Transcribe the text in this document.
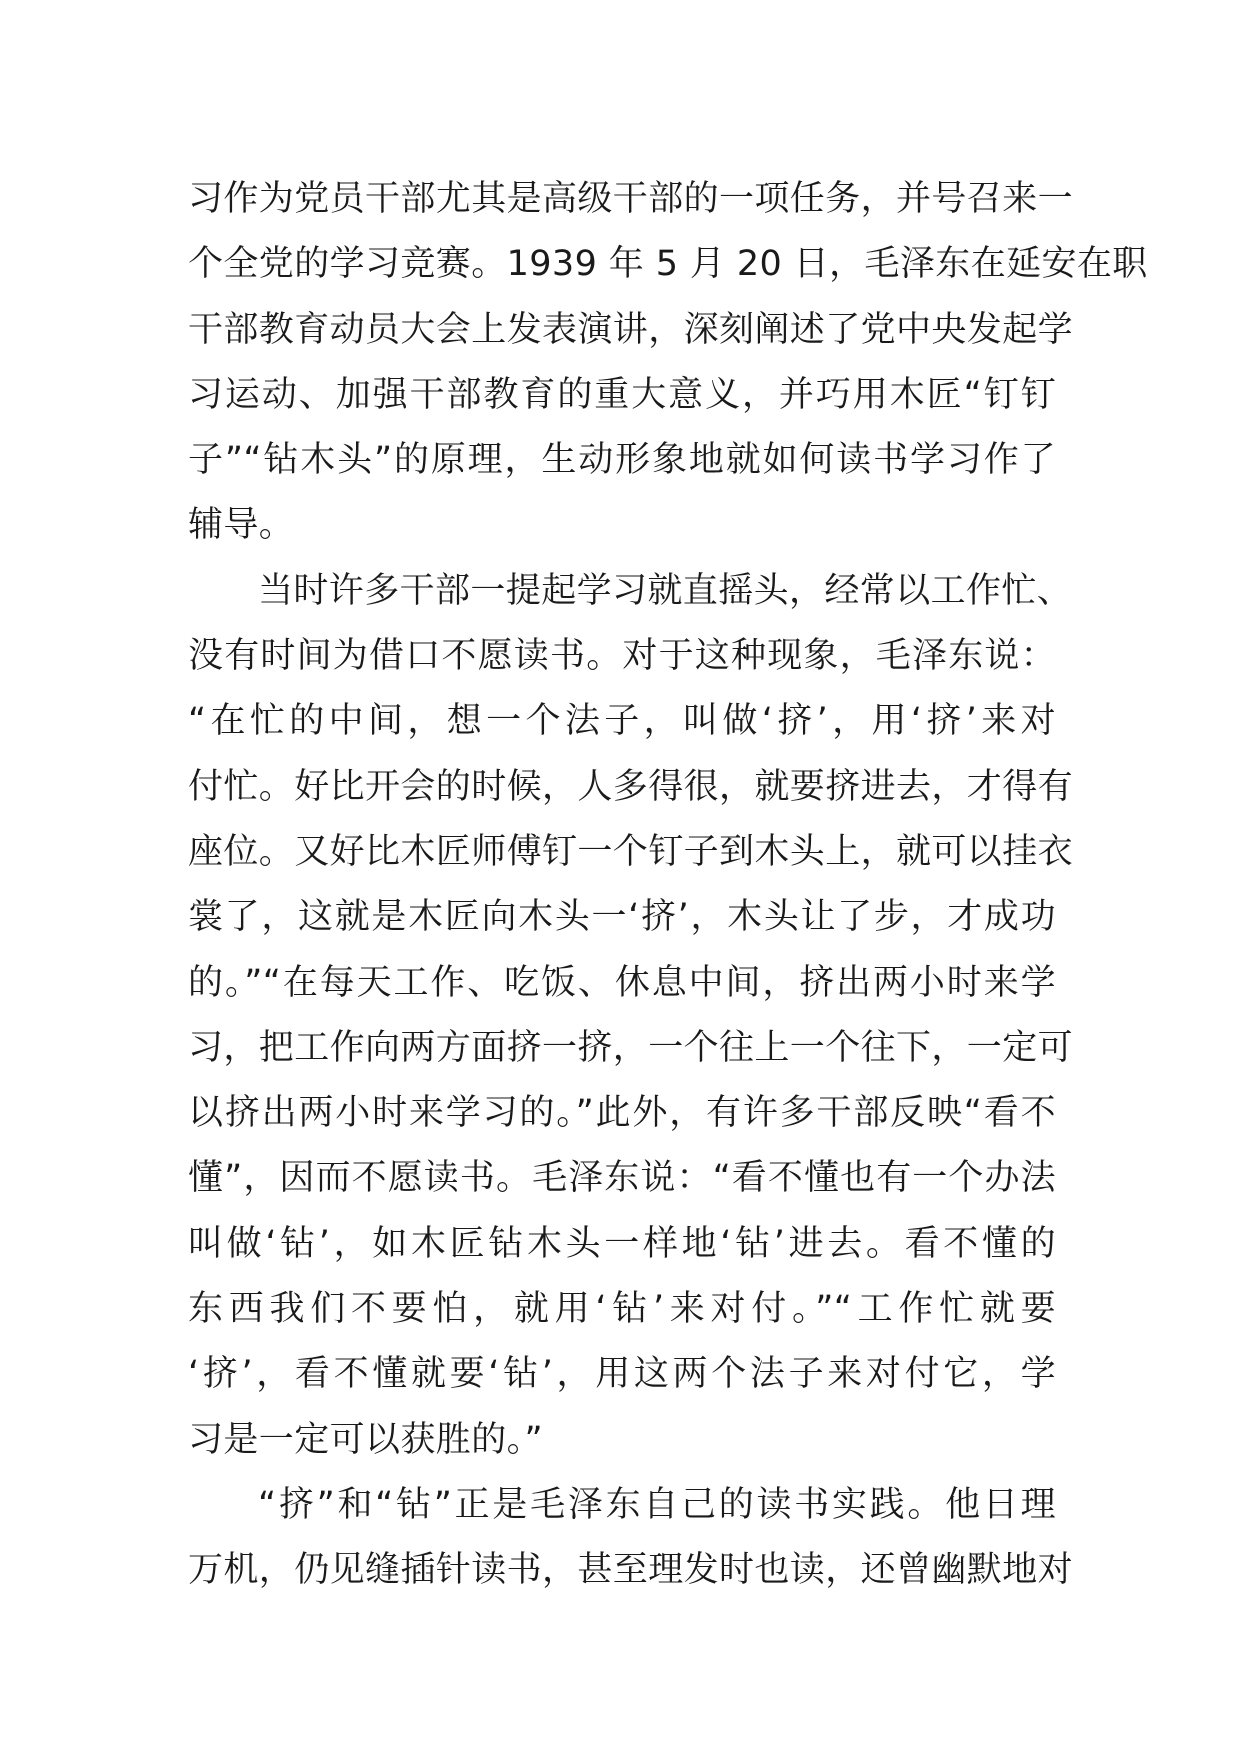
习作为党员干部尤其是高级干部的一项任务，并号召来一
个全党的学习竞赛。1939 年 5 月 20 日，毛泽东在延安在职
干部教育动员大会上发表演讲，深刻阐述了党中央发起学
习运动、加强干部教育的重大意义，并巧用木匠“钉钉
子”“钻木头”的原理，生动形象地就如何读书学习作了
辅导。
当时许多干部一提起学习就直摇头，经常以工作忙、
没有时间为借口不愿读书。对于这种现象，毛泽东说：
“在忙的中间，想一个法子，叫做‘挤’，用‘挤’来对
付忙。好比开会的时候，人多得很，就要挤进去，才得有
座位。又好比木匠师傅钉一个钉子到木头上，就可以挂衣
裳了，这就是木匠向木头一‘挤’，木头让了步，才成功
的。”“在每天工作、吃饭、休息中间，挤出两小时来学
习，把工作向两方面挤一挤，一个往上一个往下，一定可
以挤出两小时来学习的。”此外，有许多干部反映“看不
懂”，因而不愿读书。毛泽东说：“看不懂也有一个办法
叫做‘钻’，如木匠钻木头一样地‘钻’进去。看不懂的
东西我们不要怕，就用‘钻’来对付。”“工作忙就要
‘挤’，看不懂就要‘钻’，用这两个法子来对付它，学
习是一定可以获胜的。”
“挤”和“钻”正是毛泽东自己的读书实践。他日理
万机，仍见缝插针读书，甚至理发时也读，还曾幽默地对
